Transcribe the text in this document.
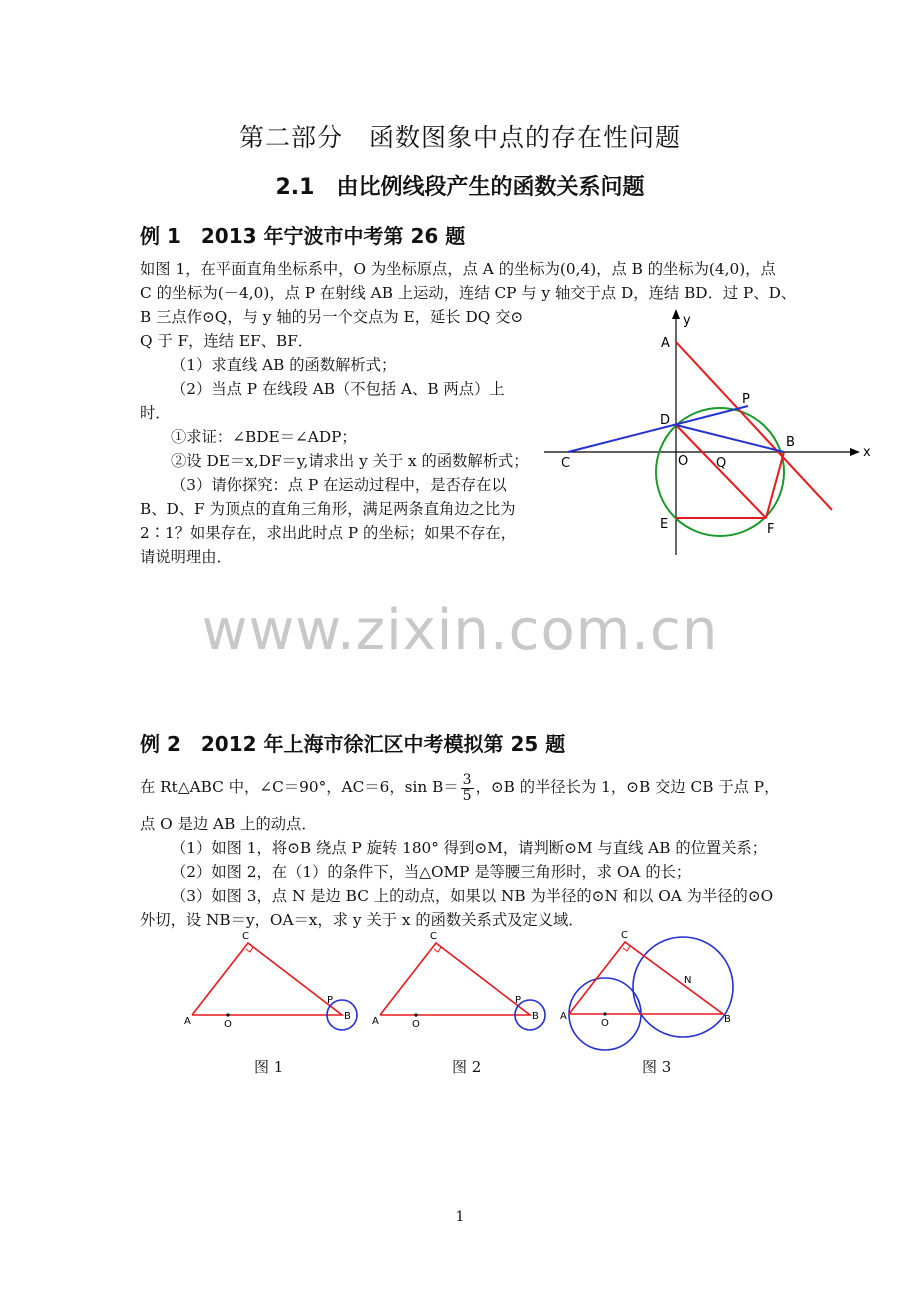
第二部分　函数图象中点的存在性问题
2.1　由比例线段产生的函数关系问题
例 1　2013 年宁波市中考第 26 题
如图 1，在平面直角坐标系中，O 为坐标原点，点 A 的坐标为(0,4)，点 B 的坐标为(4,0)，点
C 的坐标为(－4,0)，点 P 在射线 AB 上运动，连结 CP 与 y 轴交于点 D，连结 BD．过 P、D、
B 三点作⊙Q，与 y 轴的另一个交点为 E，延长 DQ 交⊙
Q 于 F，连结 EF、BF．
（1）求直线 AB 的函数解析式；
（2）当点 P 在线段 AB（不包括 A、B 两点）上
时．
①求证：∠BDE＝∠ADP；
②设 DE＝x,DF＝y,请求出 y 关于 x 的函数解析式；
（3）请你探究：点 P 在运动过程中，是否存在以
B、D、F 为顶点的直角三角形，满足两条直角边之比为
2∶1？如果存在，求出此时点 P 的坐标；如果不存在，
请说明理由．
y
x
A
P
D
B
C	O Q
E	F
www.zixin.com.cn
例 2　2012 年上海市徐汇区中考模拟第 25 题
在 Rt△ABC 中，∠C＝90°，AC＝6，$\sin B= \frac{3}{5}$ ，⊙B 的半径长为 1，⊙B 交边 CB 于点 P，
点 O 是边 AB 上的动点．
（1）如图 1，将⊙B 绕点 P 旋转 180° 得到⊙M，请判断⊙M 与直线 AB 的位置关系；
（2）如图 2，在（1）的条件下，当△OMP 是等腰三角形时，求 OA 的长；
（3）如图 3，点 N 是边 BC 上的动点，如果以 NB 为半径的⊙N 和以 OA 为半径的⊙O
外切，设 NB＝y，OA＝x，求 y 关于 x 的函数关系式及定义域．
C
A	O
P
B
C
A	O
P
B
C
A
O
N
B
图 1	图 2	图 3
1
